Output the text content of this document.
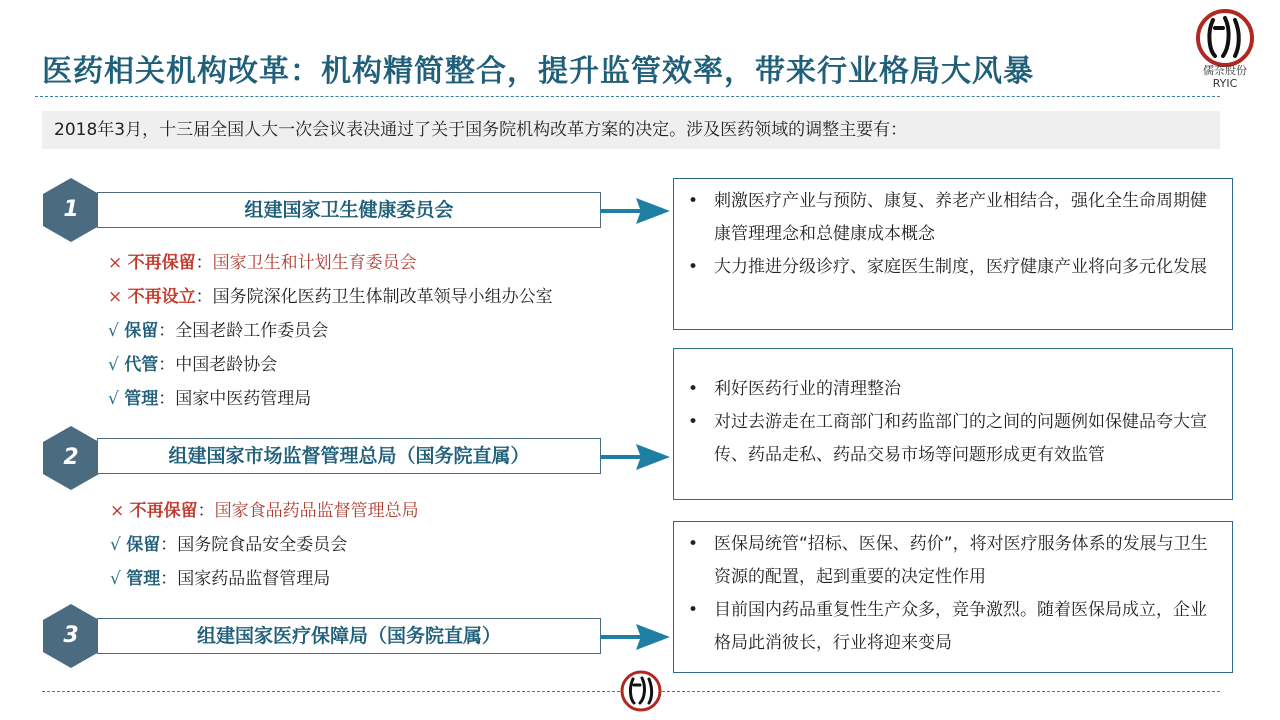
医药相关机构改革：机构精简整合，提升监管效率，带来行业格局大风暴	儒奈股份
RYIC
2018年3月，十三届全国人大一次会议表决通过了关于国务院机构改革方案的决定。涉及医药领域的调整主要有：
1	组建国家卫生健康委员会
× 不再保留：国家卫生和计划生育委员会
× 不再设立：国务院深化医药卫生体制改革领导小组办公室
√ 保留：全国老龄工作委员会
√ 代管：中国老龄协会
√ 管理：国家中医药管理局
• 刺激医疗产业与预防、康复、养老产业相结合，强化全生命周期健康管理理念和总健康成本概念
• 大力推进分级诊疗、家庭医生制度，医疗健康产业将向多元化发展
2	组建国家市场监督管理总局（国务院直属）
× 不再保留：国家食品药品监督管理总局
√ 保留：国务院食品安全委员会
√ 管理：国家药品监督管理局
• 利好医药行业的清理整治
• 对过去游走在工商部门和药监部门的之间的问题例如保健品夸大宣传、药品走私、药品交易市场等问题形成更有效监管
3	组建国家医疗保障局（国务院直属）
• 医保局统管“招标、医保、药价”，将对医疗服务体系的发展与卫生资源的配置，起到重要的决定性作用
• 目前国内药品重复性生产众多，竞争激烈。随着医保局成立，企业格局此消彼长，行业将迎来变局
